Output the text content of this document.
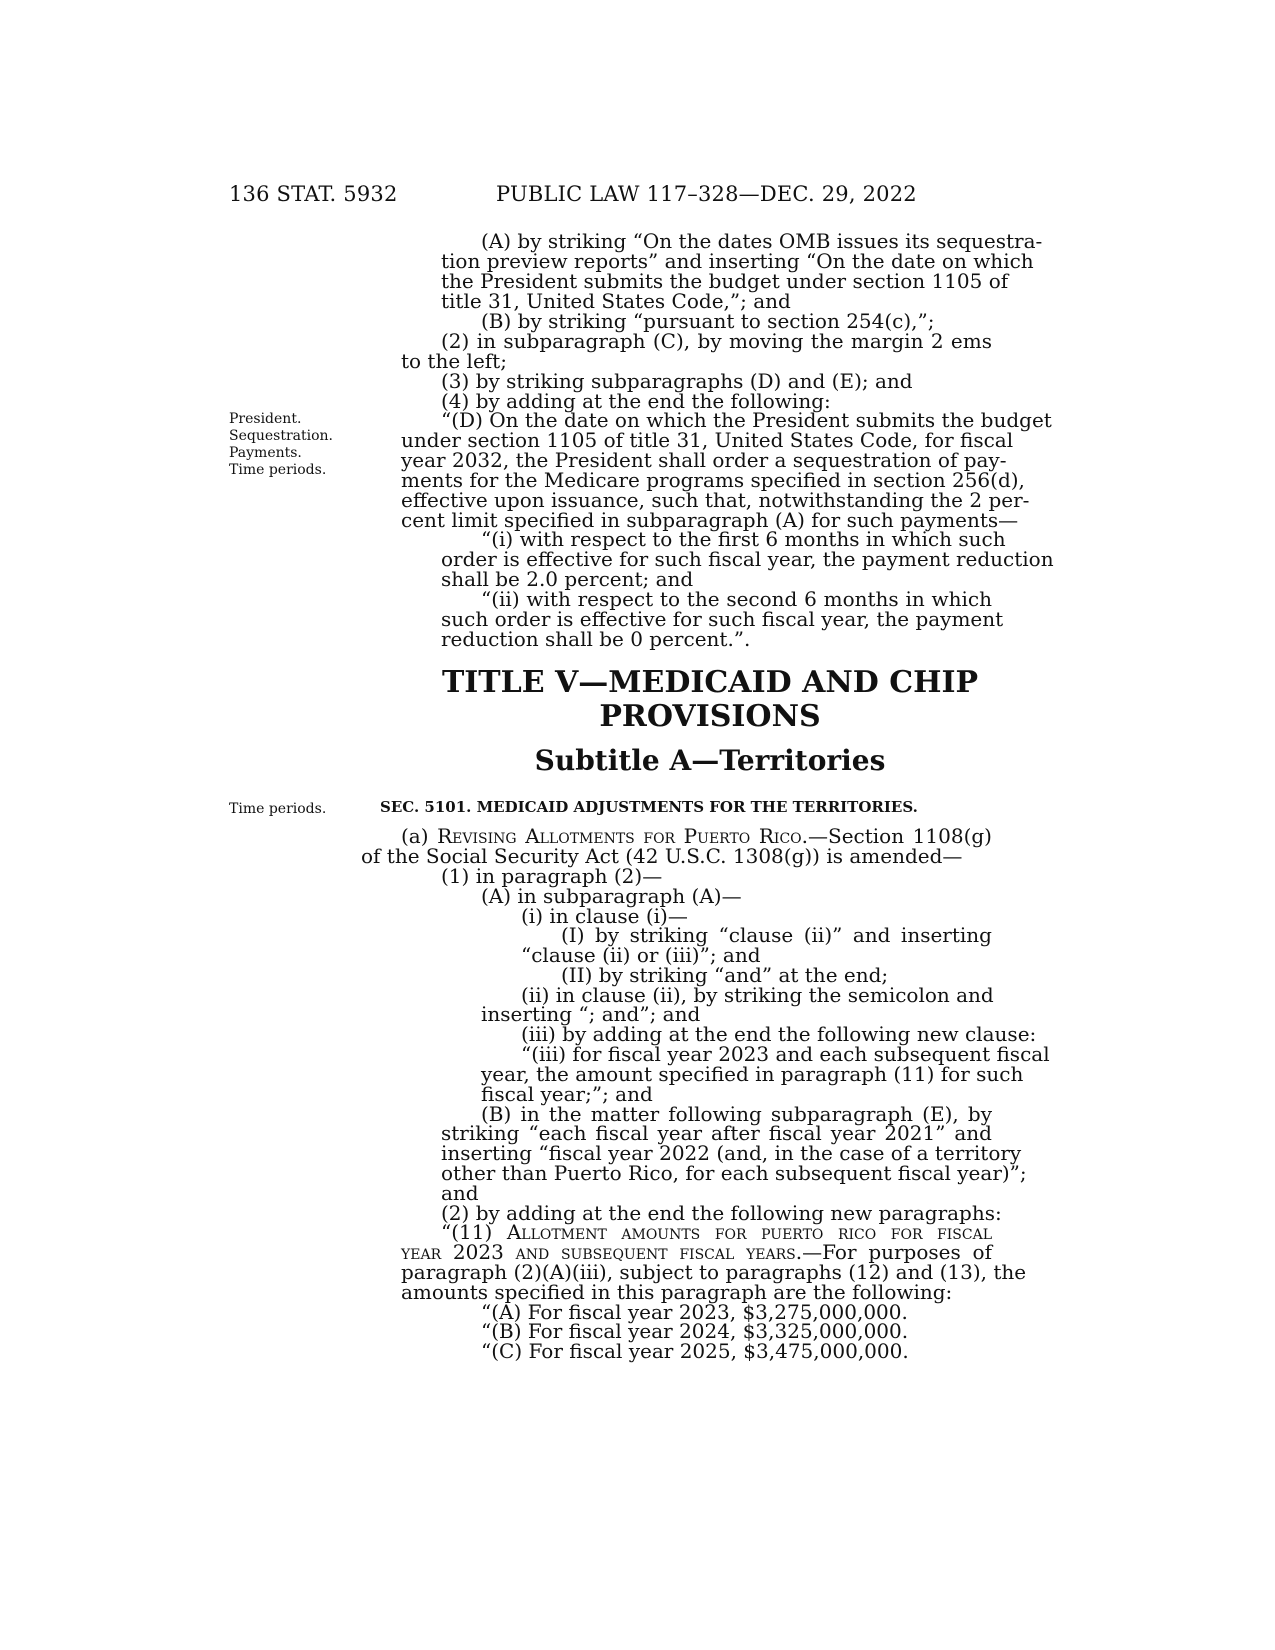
136 STAT. 5932	PUBLIC LAW 117–328—DEC. 29, 2022
President.
Sequestration.
Payments.
Time periods.
Time periods.
(A) by striking “On the dates OMB issues its sequestra-
tion preview reports” and inserting “On the date on which
the President submits the budget under section 1105 of
title 31, United States Code,”; and
(B) by striking “pursuant to section 254(c),”;
(2) in subparagraph (C), by moving the margin 2 ems
to the left;
(3) by striking subparagraphs (D) and (E); and
(4) by adding at the end the following:
“(D) On the date on which the President submits the budget
under section 1105 of title 31, United States Code, for fiscal
year 2032, the President shall order a sequestration of pay-
ments for the Medicare programs specified in section 256(d),
effective upon issuance, such that, notwithstanding the 2 per-
cent limit specified in subparagraph (A) for such payments—
“(i) with respect to the first 6 months in which such
order is effective for such fiscal year, the payment reduction
shall be 2.0 percent; and
“(ii) with respect to the second 6 months in which
such order is effective for such fiscal year, the payment
reduction shall be 0 percent.”.
TITLE V—MEDICAID AND CHIP
PROVISIONS
Subtitle A—Territories
SEC. 5101. MEDICAID ADJUSTMENTS FOR THE TERRITORIES.
(a) Revising Allotments for Puerto Rico.—Section 1108(g)
of the Social Security Act (42 U.S.C. 1308(g)) is amended—
(1) in paragraph (2)—
(A) in subparagraph (A)—
(i) in clause (i)—
(I) by striking “clause (ii)” and inserting
“clause (ii) or (iii)”; and
(II) by striking “and” at the end;
(ii) in clause (ii), by striking the semicolon and
inserting “; and”; and
(iii) by adding at the end the following new clause:
“(iii) for fiscal year 2023 and each subsequent fiscal
year, the amount specified in paragraph (11) for such
fiscal year;”; and
(B) in the matter following subparagraph (E), by
striking “each fiscal year after fiscal year 2021” and
inserting “fiscal year 2022 (and, in the case of a territory
other than Puerto Rico, for each subsequent fiscal year)”;
and
(2) by adding at the end the following new paragraphs:
“(11) Allotment amounts for puerto rico for fiscal
year 2023 and subsequent fiscal years.—For purposes of
paragraph (2)(A)(iii), subject to paragraphs (12) and (13), the
amounts specified in this paragraph are the following:
“(A) For fiscal year 2023, $3,275,000,000.
“(B) For fiscal year 2024, $3,325,000,000.
“(C) For fiscal year 2025, $3,475,000,000.
